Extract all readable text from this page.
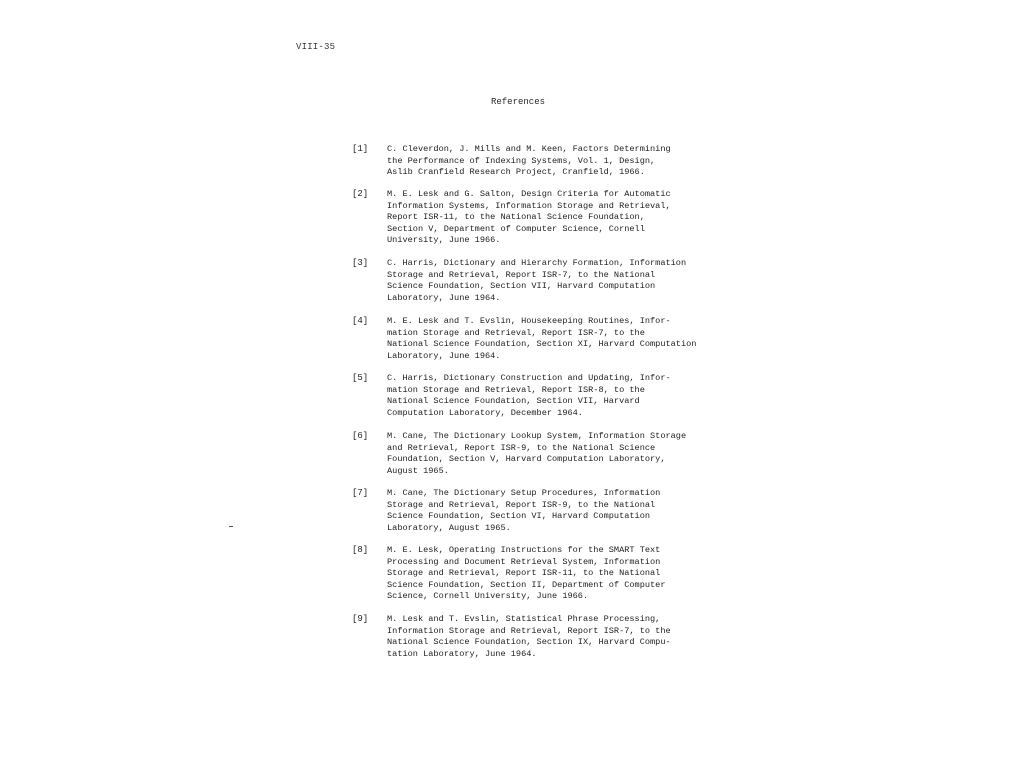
VIII-35
References
[1] C. Cleverdon, J. Mills and M. Keen, Factors Determining
the Performance of Indexing Systems, Vol. 1, Design,
Aslib Cranfield Research Project, Cranfield, 1966.
[2] M. E. Lesk and G. Salton, Design Criteria for Automatic
Information Systems, Information Storage and Retrieval,
Report ISR-11, to the National Science Foundation,
Section V, Department of Computer Science, Cornell
University, June 1966.
[3] C. Harris, Dictionary and Hierarchy Formation, Information
Storage and Retrieval, Report ISR-7, to the National
Science Foundation, Section VII, Harvard Computation
Laboratory, June 1964.
[4] M. E. Lesk and T. Evslin, Housekeeping Routines, Infor-
mation Storage and Retrieval, Report ISR-7, to the
National Science Foundation, Section XI, Harvard Computation
Laboratory, June 1964.
[5] C. Harris, Dictionary Construction and Updating, Infor-
mation Storage and Retrieval, Report ISR-8, to the
National Science Foundation, Section VII, Harvard
Computation Laboratory, December 1964.
[6] M. Cane, The Dictionary Lookup System, Information Storage
and Retrieval, Report ISR-9, to the National Science
Foundation, Section V, Harvard Computation Laboratory,
August 1965.
[7] M. Cane, The Dictionary Setup Procedures, Information
Storage and Retrieval, Report ISR-9, to the National
Science Foundation, Section VI, Harvard Computation
Laboratory, August 1965.
[8] M. E. Lesk, Operating Instructions for the SMART Text
Processing and Document Retrieval System, Information
Storage and Retrieval, Report ISR-11, to the National
Science Foundation, Section II, Department of Computer
Science, Cornell University, June 1966.
[9] M. Lesk and T. Evslin, Statistical Phrase Processing,
Information Storage and Retrieval, Report ISR-7, to the
National Science Foundation, Section IX, Harvard Compu-
tation Laboratory, June 1964.
